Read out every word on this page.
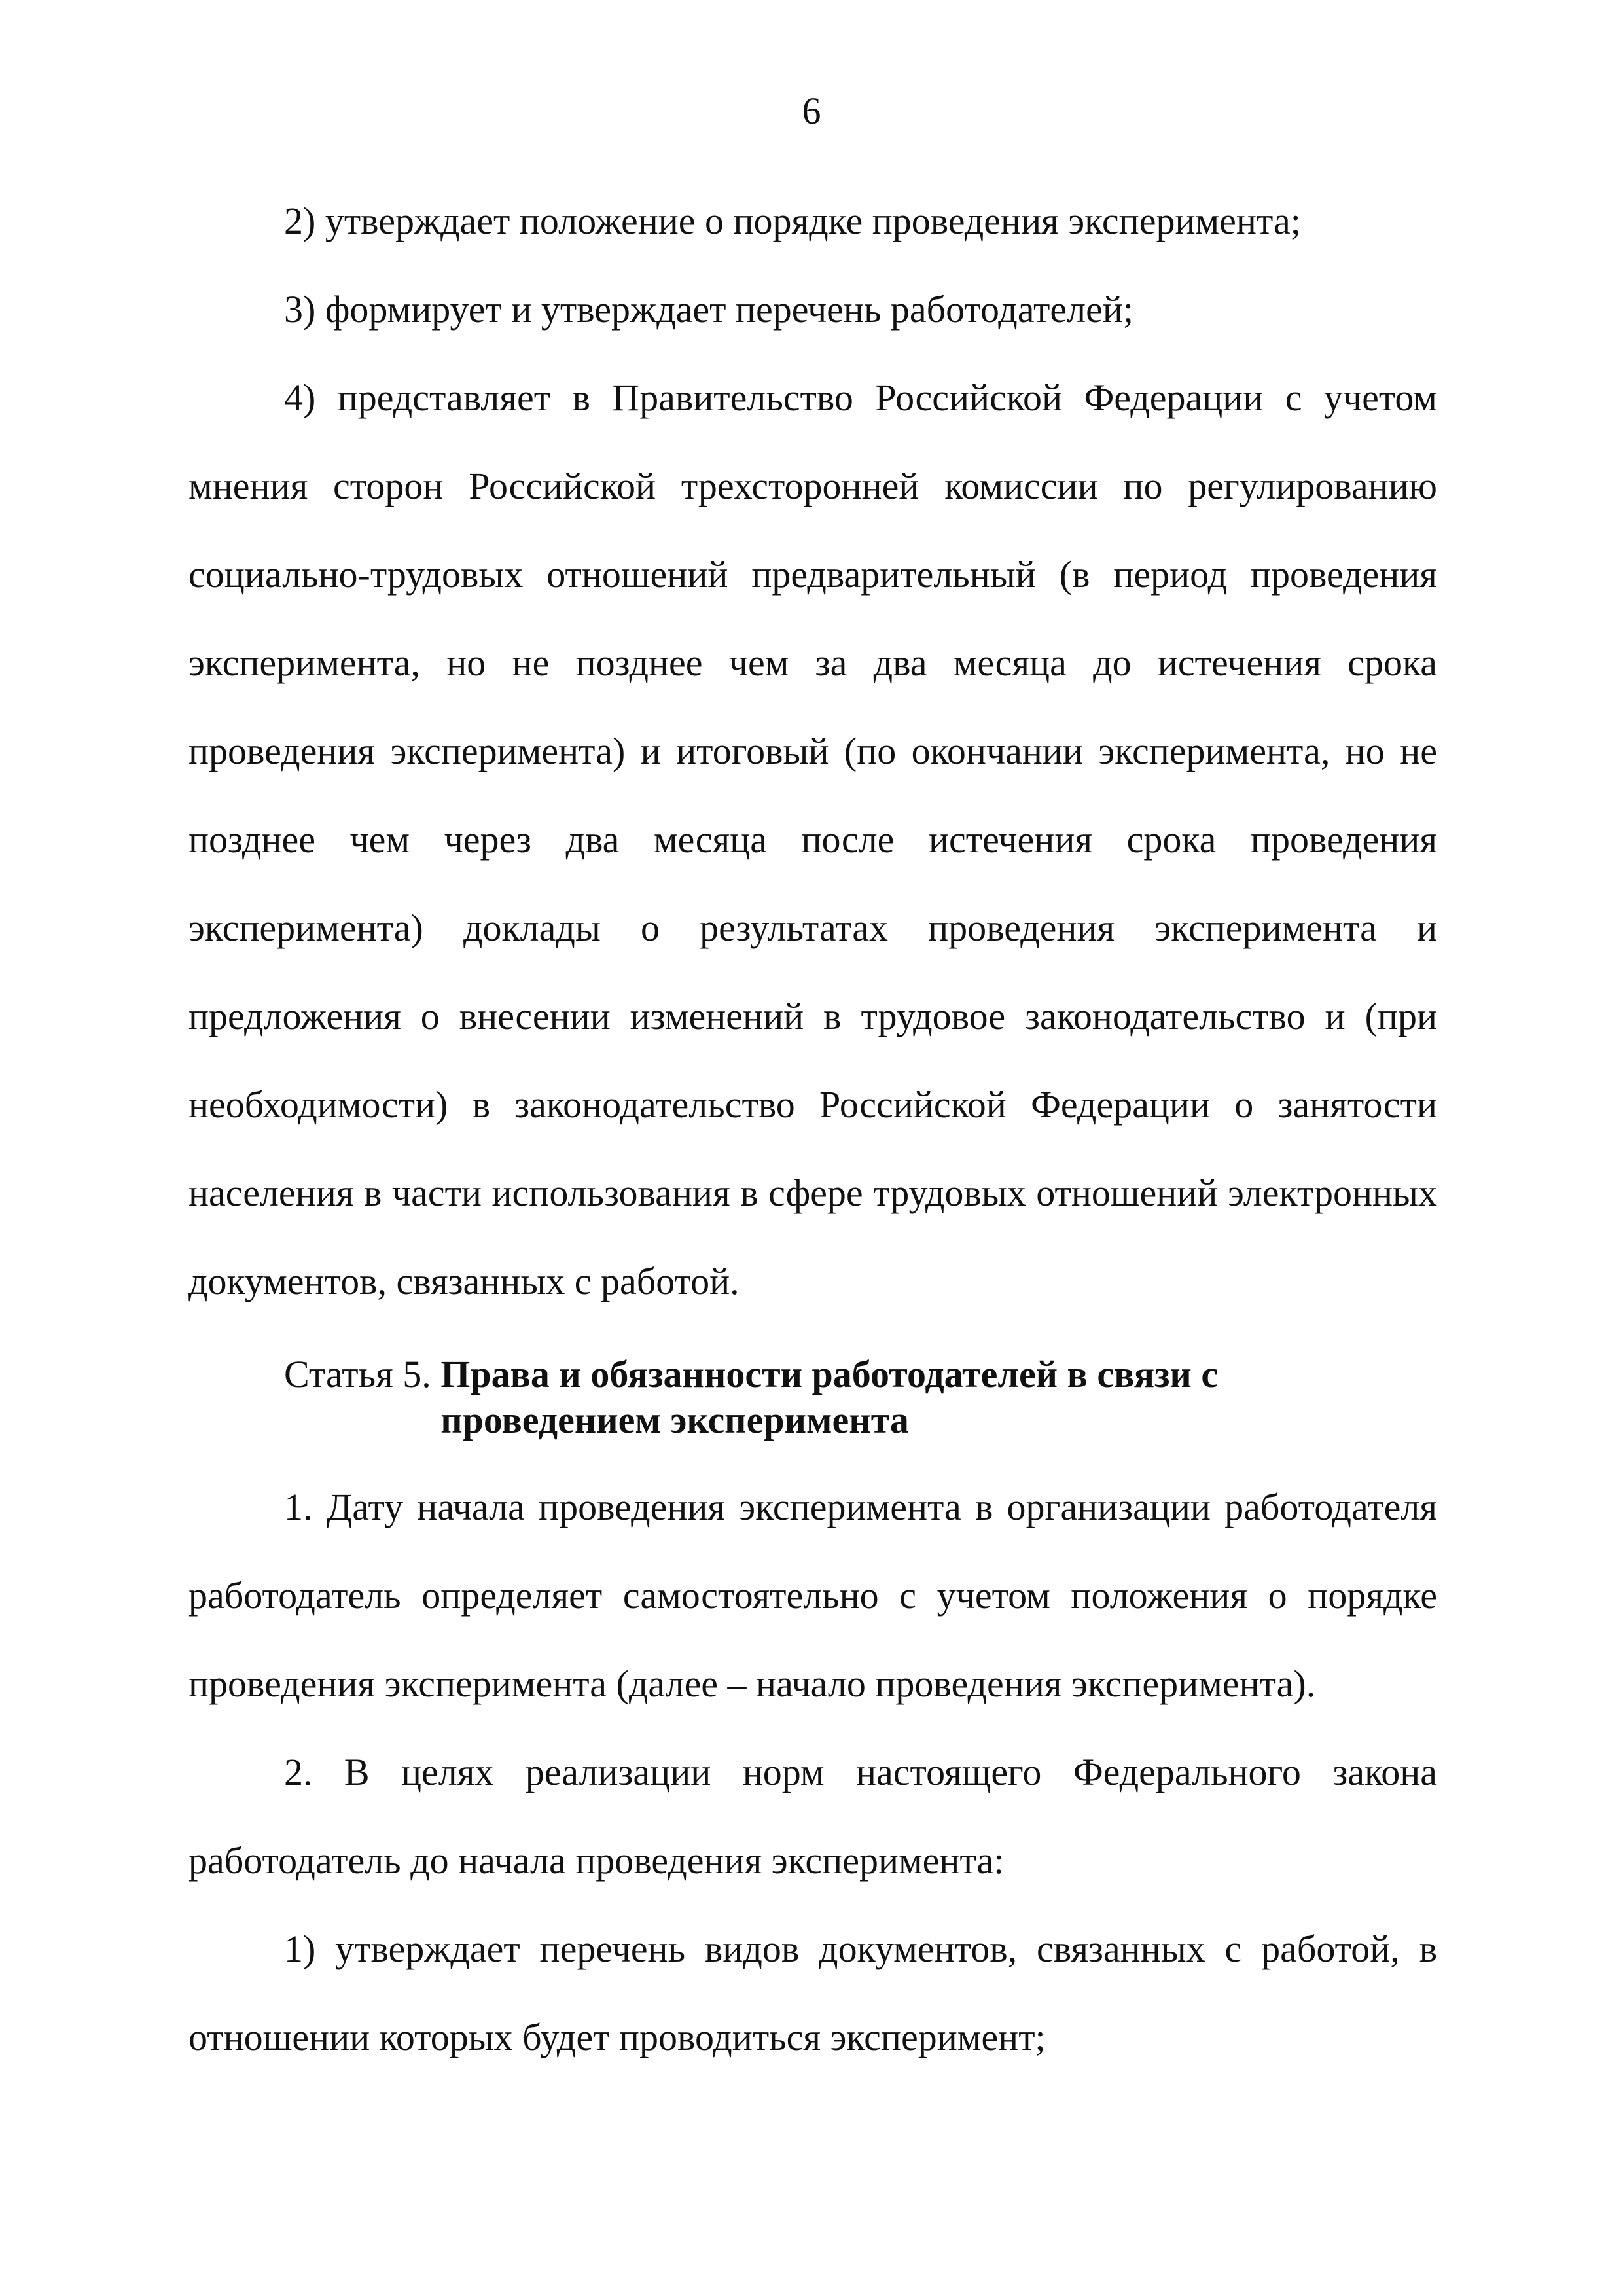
6

2) утверждает положение о порядке проведения эксперимента;

3) формирует и утверждает перечень работодателей;

4) представляет в Правительство Российской Федерации с учетом мнения сторон Российской трехсторонней комиссии по регулированию социально-трудовых отношений предварительный (в период проведения эксперимента, но не позднее чем за два месяца до истечения срока проведения эксперимента) и итоговый (по окончании эксперимента, но не позднее чем через два месяца после истечения срока проведения эксперимента) доклады о результатах проведения эксперимента и предложения о внесении изменений в трудовое законодательство и (при необходимости) в законодательство Российской Федерации о занятости населения в части использования в сфере трудовых отношений электронных документов, связанных с работой.

Статья 5. Права и обязанности работодателей в связи с проведением эксперимента

1. Дату начала проведения эксперимента в организации работодателя работодатель определяет самостоятельно с учетом положения о порядке проведения эксперимента (далее – начало проведения эксперимента).

2. В целях реализации норм настоящего Федерального закона работодатель до начала проведения эксперимента:

1) утверждает перечень видов документов, связанных с работой, в отношении которых будет проводиться эксперимент;
